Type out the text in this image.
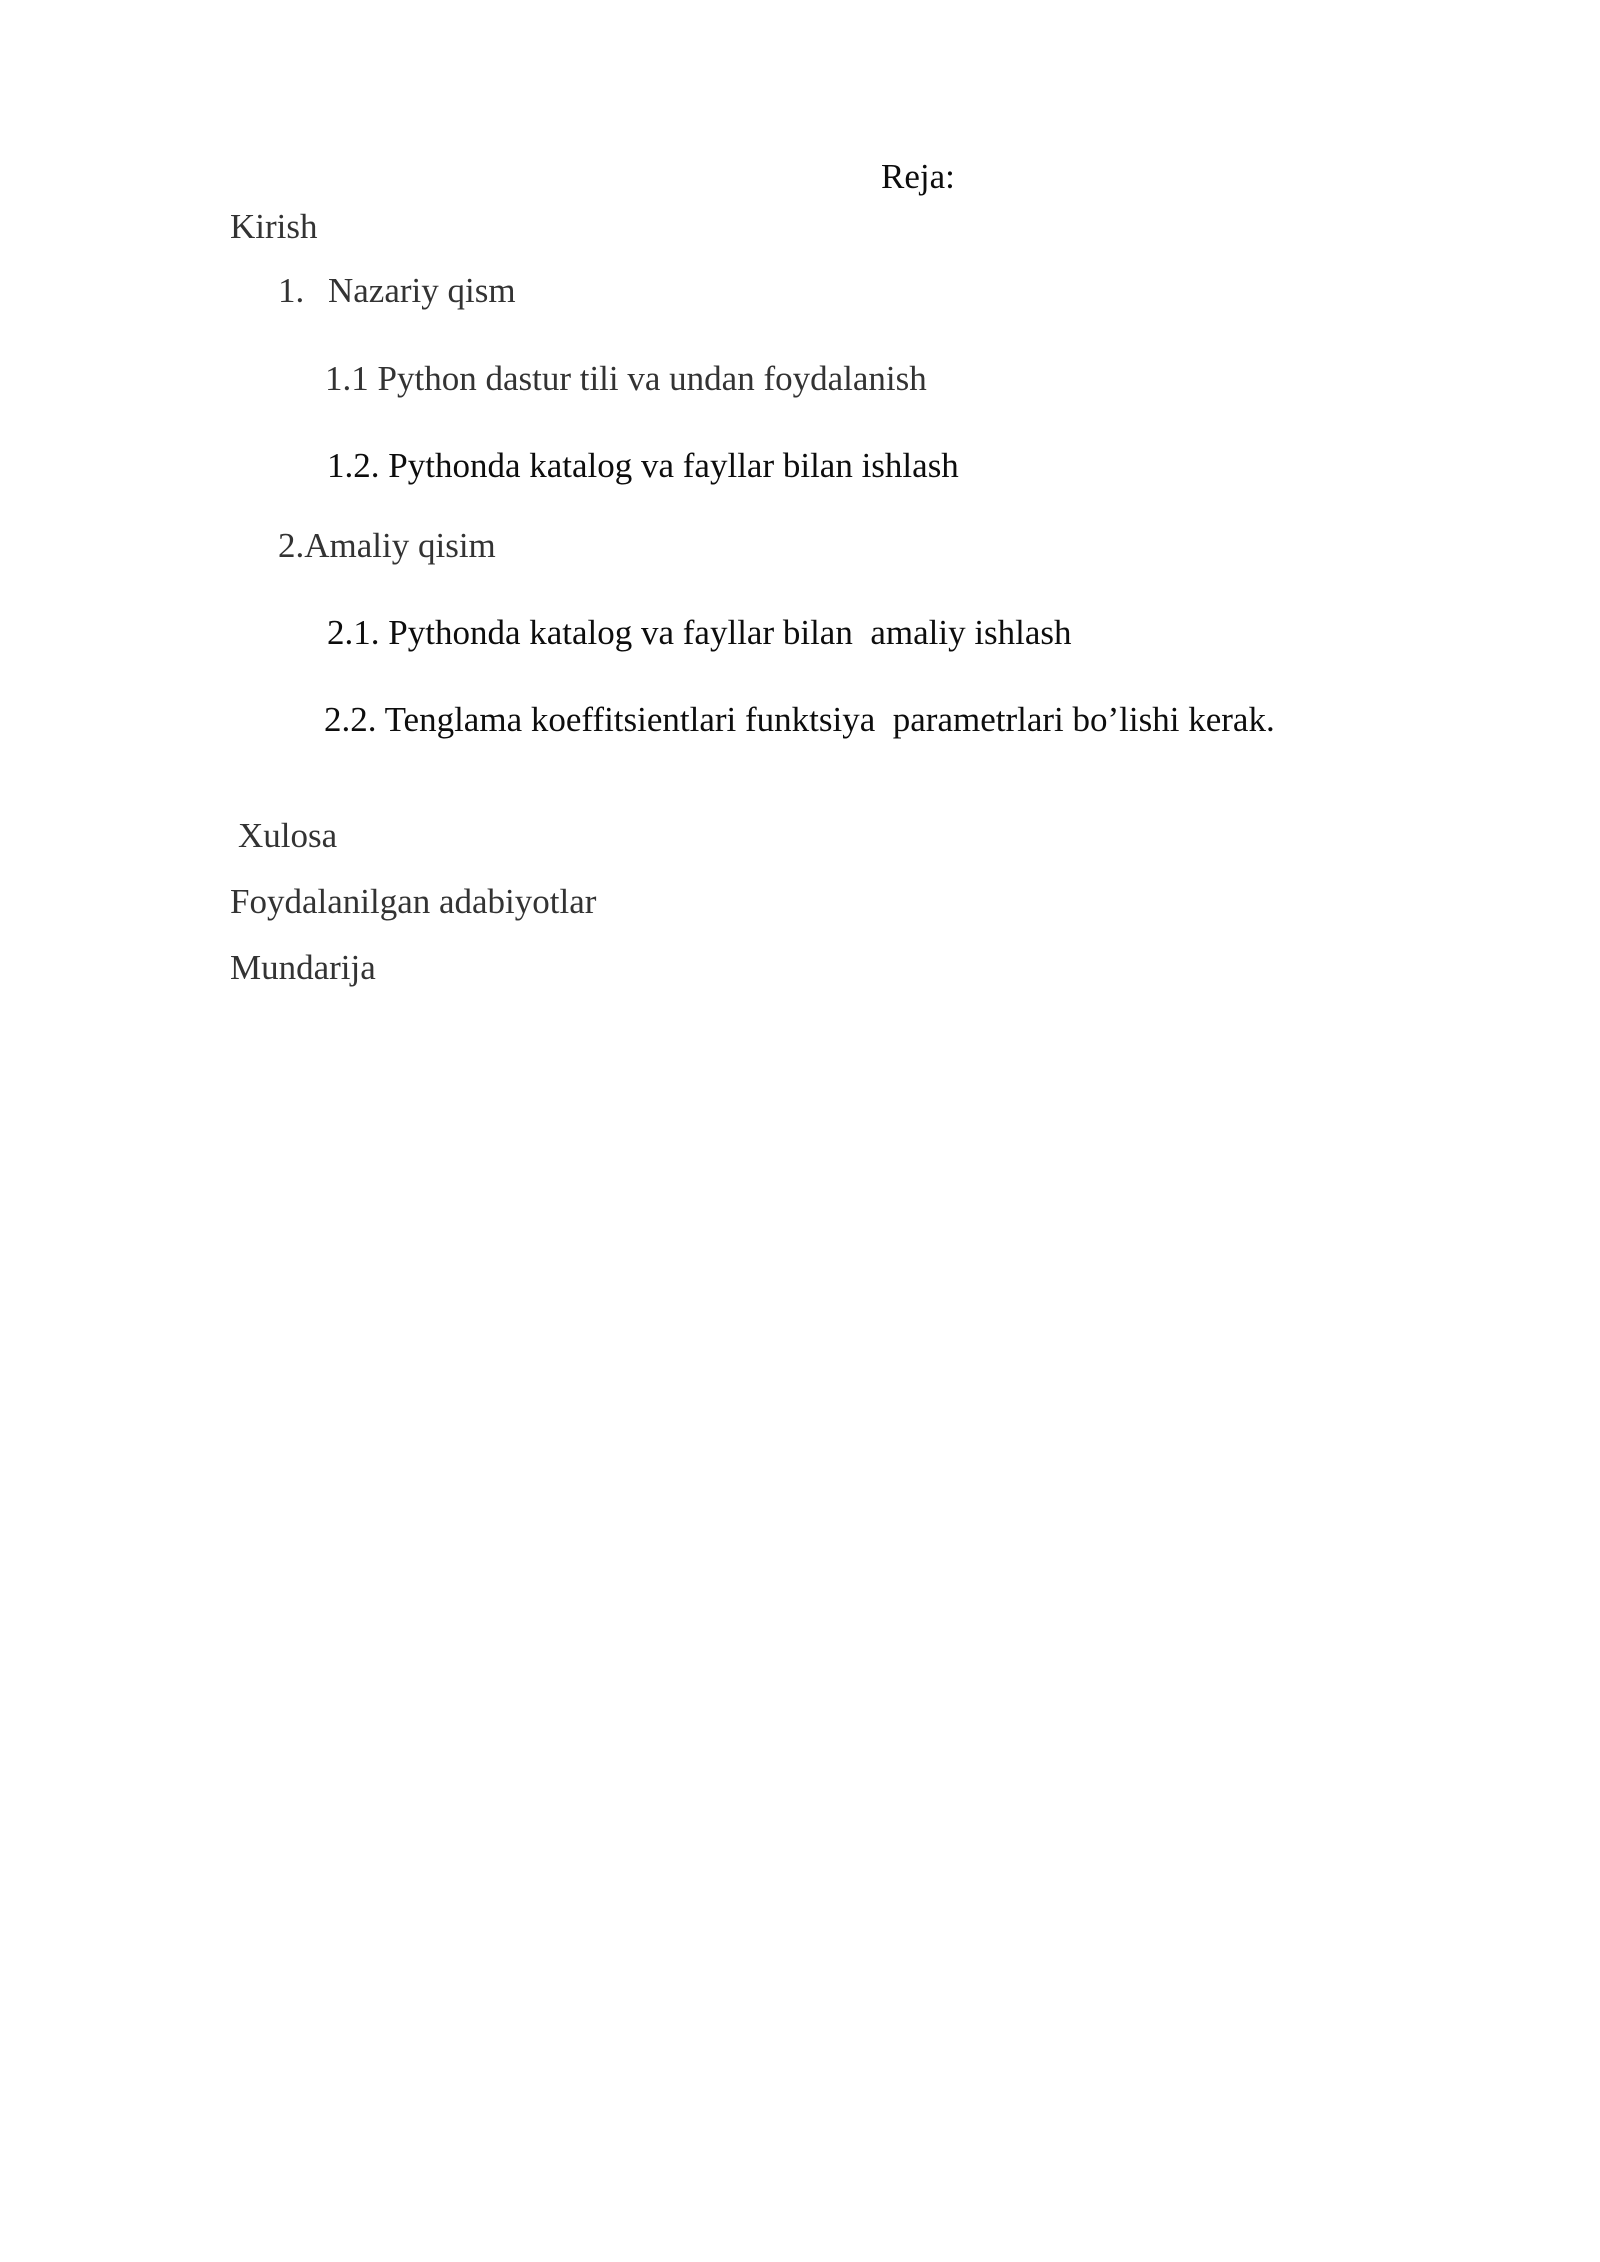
Reja:
Kirish
1. Nazariy qism
1.1 Python dastur tili va undan foydalanish
1.2. Pythonda katalog va fayllar bilan ishlash
2.Amaliy qisim
2.1. Pythonda katalog va fayllar bilan  amaliy ishlash
2.2. Tenglama koeffitsientlari funktsiya  parametrlari bo’lishi kerak.
Xulosa
Foydalanilgan adabiyotlar
Mundarija
